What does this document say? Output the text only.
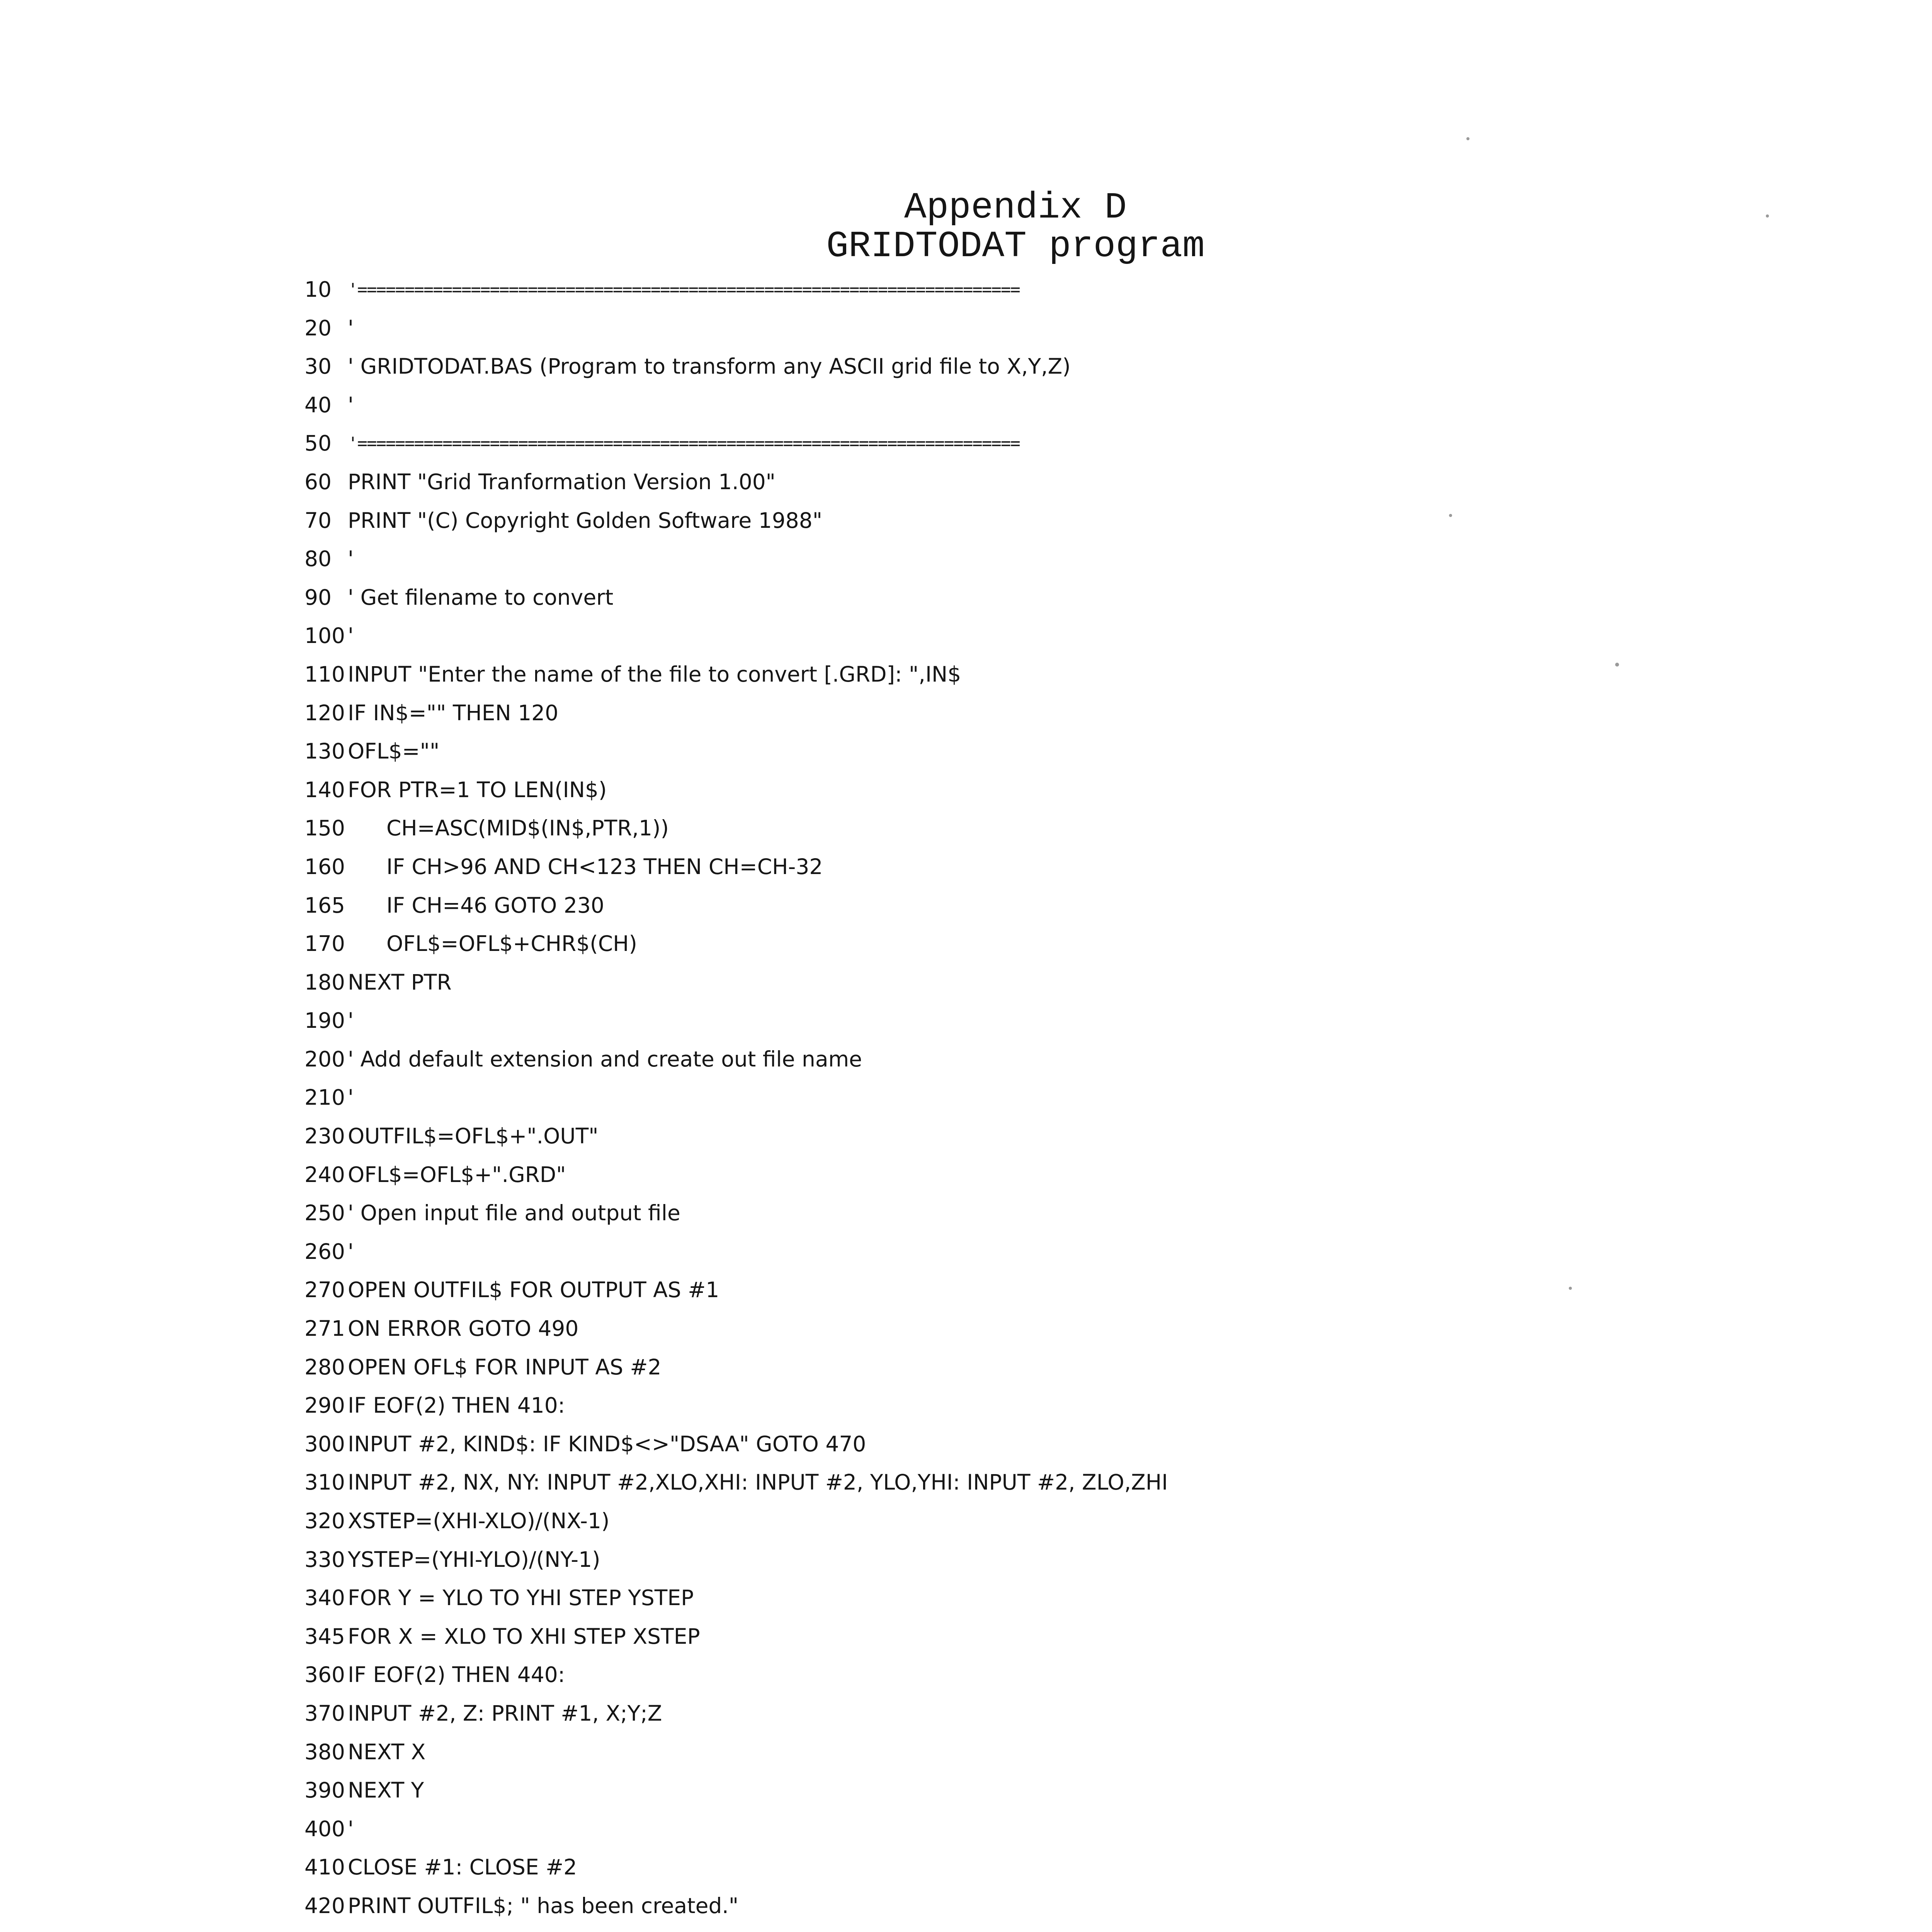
Appendix D
GRIDTODAT program
10 '======================================================================
20 '
30 ' GRIDTODAT.BAS (Program to transform any ASCII grid file to X,Y,Z)
40 '
50 '======================================================================
60 PRINT "Grid Tranformation Version 1.00"
70 PRINT "(C) Copyright Golden Software 1988"
80 '
90 ' Get filename to convert
100 '
110 INPUT "Enter the name of the file to convert [.GRD]: ",IN$
120 IF IN$="" THEN 120
130 OFL$=""
140 FOR PTR=1 TO LEN(IN$)
150 CH=ASC(MID$(IN$,PTR,1))
160 IF CH>96 AND CH<123 THEN CH=CH-32
165 IF CH=46 GOTO 230
170 OFL$=OFL$+CHR$(CH)
180 NEXT PTR
190 '
200 ' Add default extension and create out file name
210 '
230 OUTFIL$=OFL$+".OUT"
240 OFL$=OFL$+".GRD"
250 ' Open input file and output file
260 '
270 OPEN OUTFIL$ FOR OUTPUT AS #1
271 ON ERROR GOTO 490
280 OPEN OFL$ FOR INPUT AS #2
290 IF EOF(2) THEN 410:
300 INPUT #2, KIND$: IF KIND$<>"DSAA" GOTO 470
310 INPUT #2, NX, NY: INPUT #2,XLO,XHI: INPUT #2, YLO,YHI: INPUT #2, ZLO,ZHI
320 XSTEP=(XHI-XLO)/(NX-1)
330 YSTEP=(YHI-YLO)/(NY-1)
340 FOR Y = YLO TO YHI STEP YSTEP
345 FOR X = XLO TO XHI STEP XSTEP
360 IF EOF(2) THEN 440:
370 INPUT #2, Z: PRINT #1, X;Y;Z
380 NEXT X
390 NEXT Y
400 '
410 CLOSE #1: CLOSE #2
420 PRINT OUTFIL$; " has been created."
